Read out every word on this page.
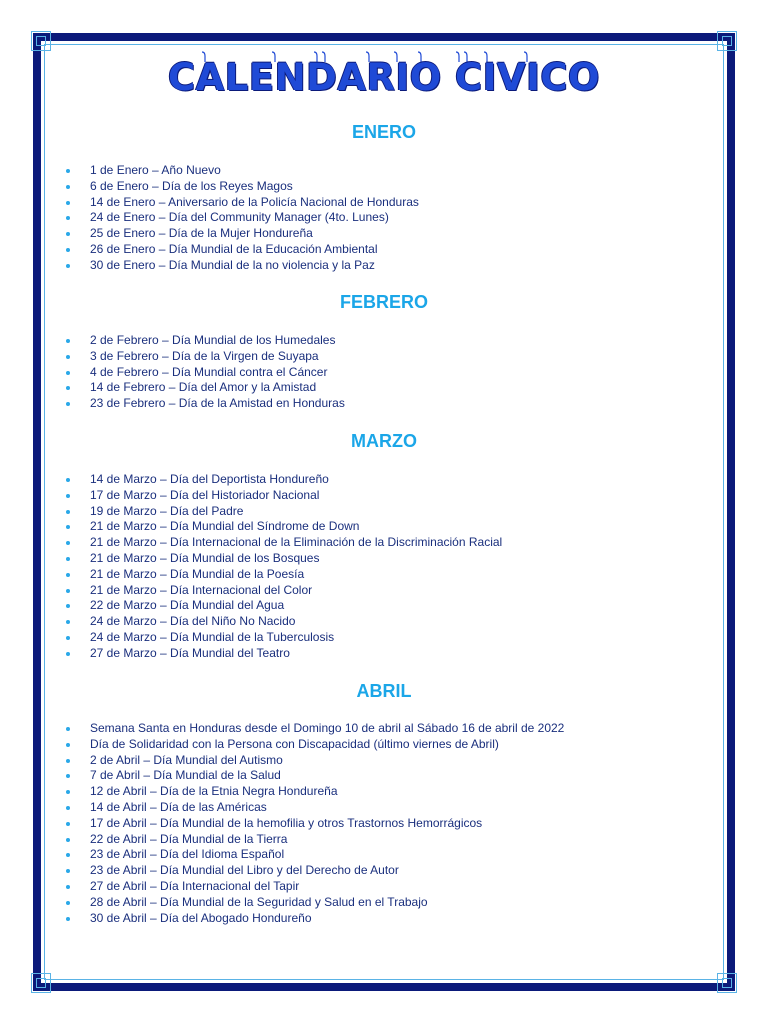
CALENDARIO CIVICO
ENERO
1 de Enero – Año Nuevo
6 de Enero – Día de los Reyes Magos
14 de Enero – Aniversario de la Policía Nacional de Honduras
24 de Enero – Día del Community Manager (4to. Lunes)
25 de Enero – Día de la Mujer Hondureña
26 de Enero – Día Mundial de la Educación Ambiental
30 de Enero – Día Mundial de la no violencia y la Paz
FEBRERO
2 de Febrero – Día Mundial de los Humedales
3 de Febrero – Día de la Virgen de Suyapa
4 de Febrero – Día Mundial contra el Cáncer
14 de Febrero – Día del Amor y la Amistad
23 de Febrero – Día de la Amistad en Honduras
MARZO
14 de Marzo – Día del Deportista Hondureño
17 de Marzo – Día del Historiador Nacional
19 de Marzo – Día del Padre
21 de Marzo – Día Mundial del Síndrome de Down
21 de Marzo – Día Internacional de la Eliminación de la Discriminación Racial
21 de Marzo – Día Mundial de los Bosques
21 de Marzo – Día Mundial de la Poesía
21 de Marzo – Día Internacional del Color
22 de Marzo – Día Mundial del Agua
24 de Marzo – Día del Niño No Nacido
24 de Marzo – Día Mundial de la Tuberculosis
27 de Marzo – Día Mundial del Teatro
ABRIL
Semana Santa en Honduras desde el Domingo 10 de abril al Sábado 16 de abril de 2022
Día de Solidaridad con la Persona con Discapacidad (último viernes de Abril)
2 de Abril – Día Mundial del Autismo
7 de Abril – Día Mundial de la Salud
12 de Abril – Día de la Etnia Negra Hondureña
14 de Abril – Día de las Américas
17 de Abril – Día Mundial de la hemofilia y otros Trastornos Hemorrágicos
22 de Abril – Día Mundial de la Tierra
23 de Abril – Día del Idioma Español
23 de Abril – Día Mundial del Libro y del Derecho de Autor
27 de Abril – Día Internacional del Tapir
28 de Abril – Día Mundial de la Seguridad y Salud en el Trabajo
30 de Abril – Día del Abogado Hondureño
